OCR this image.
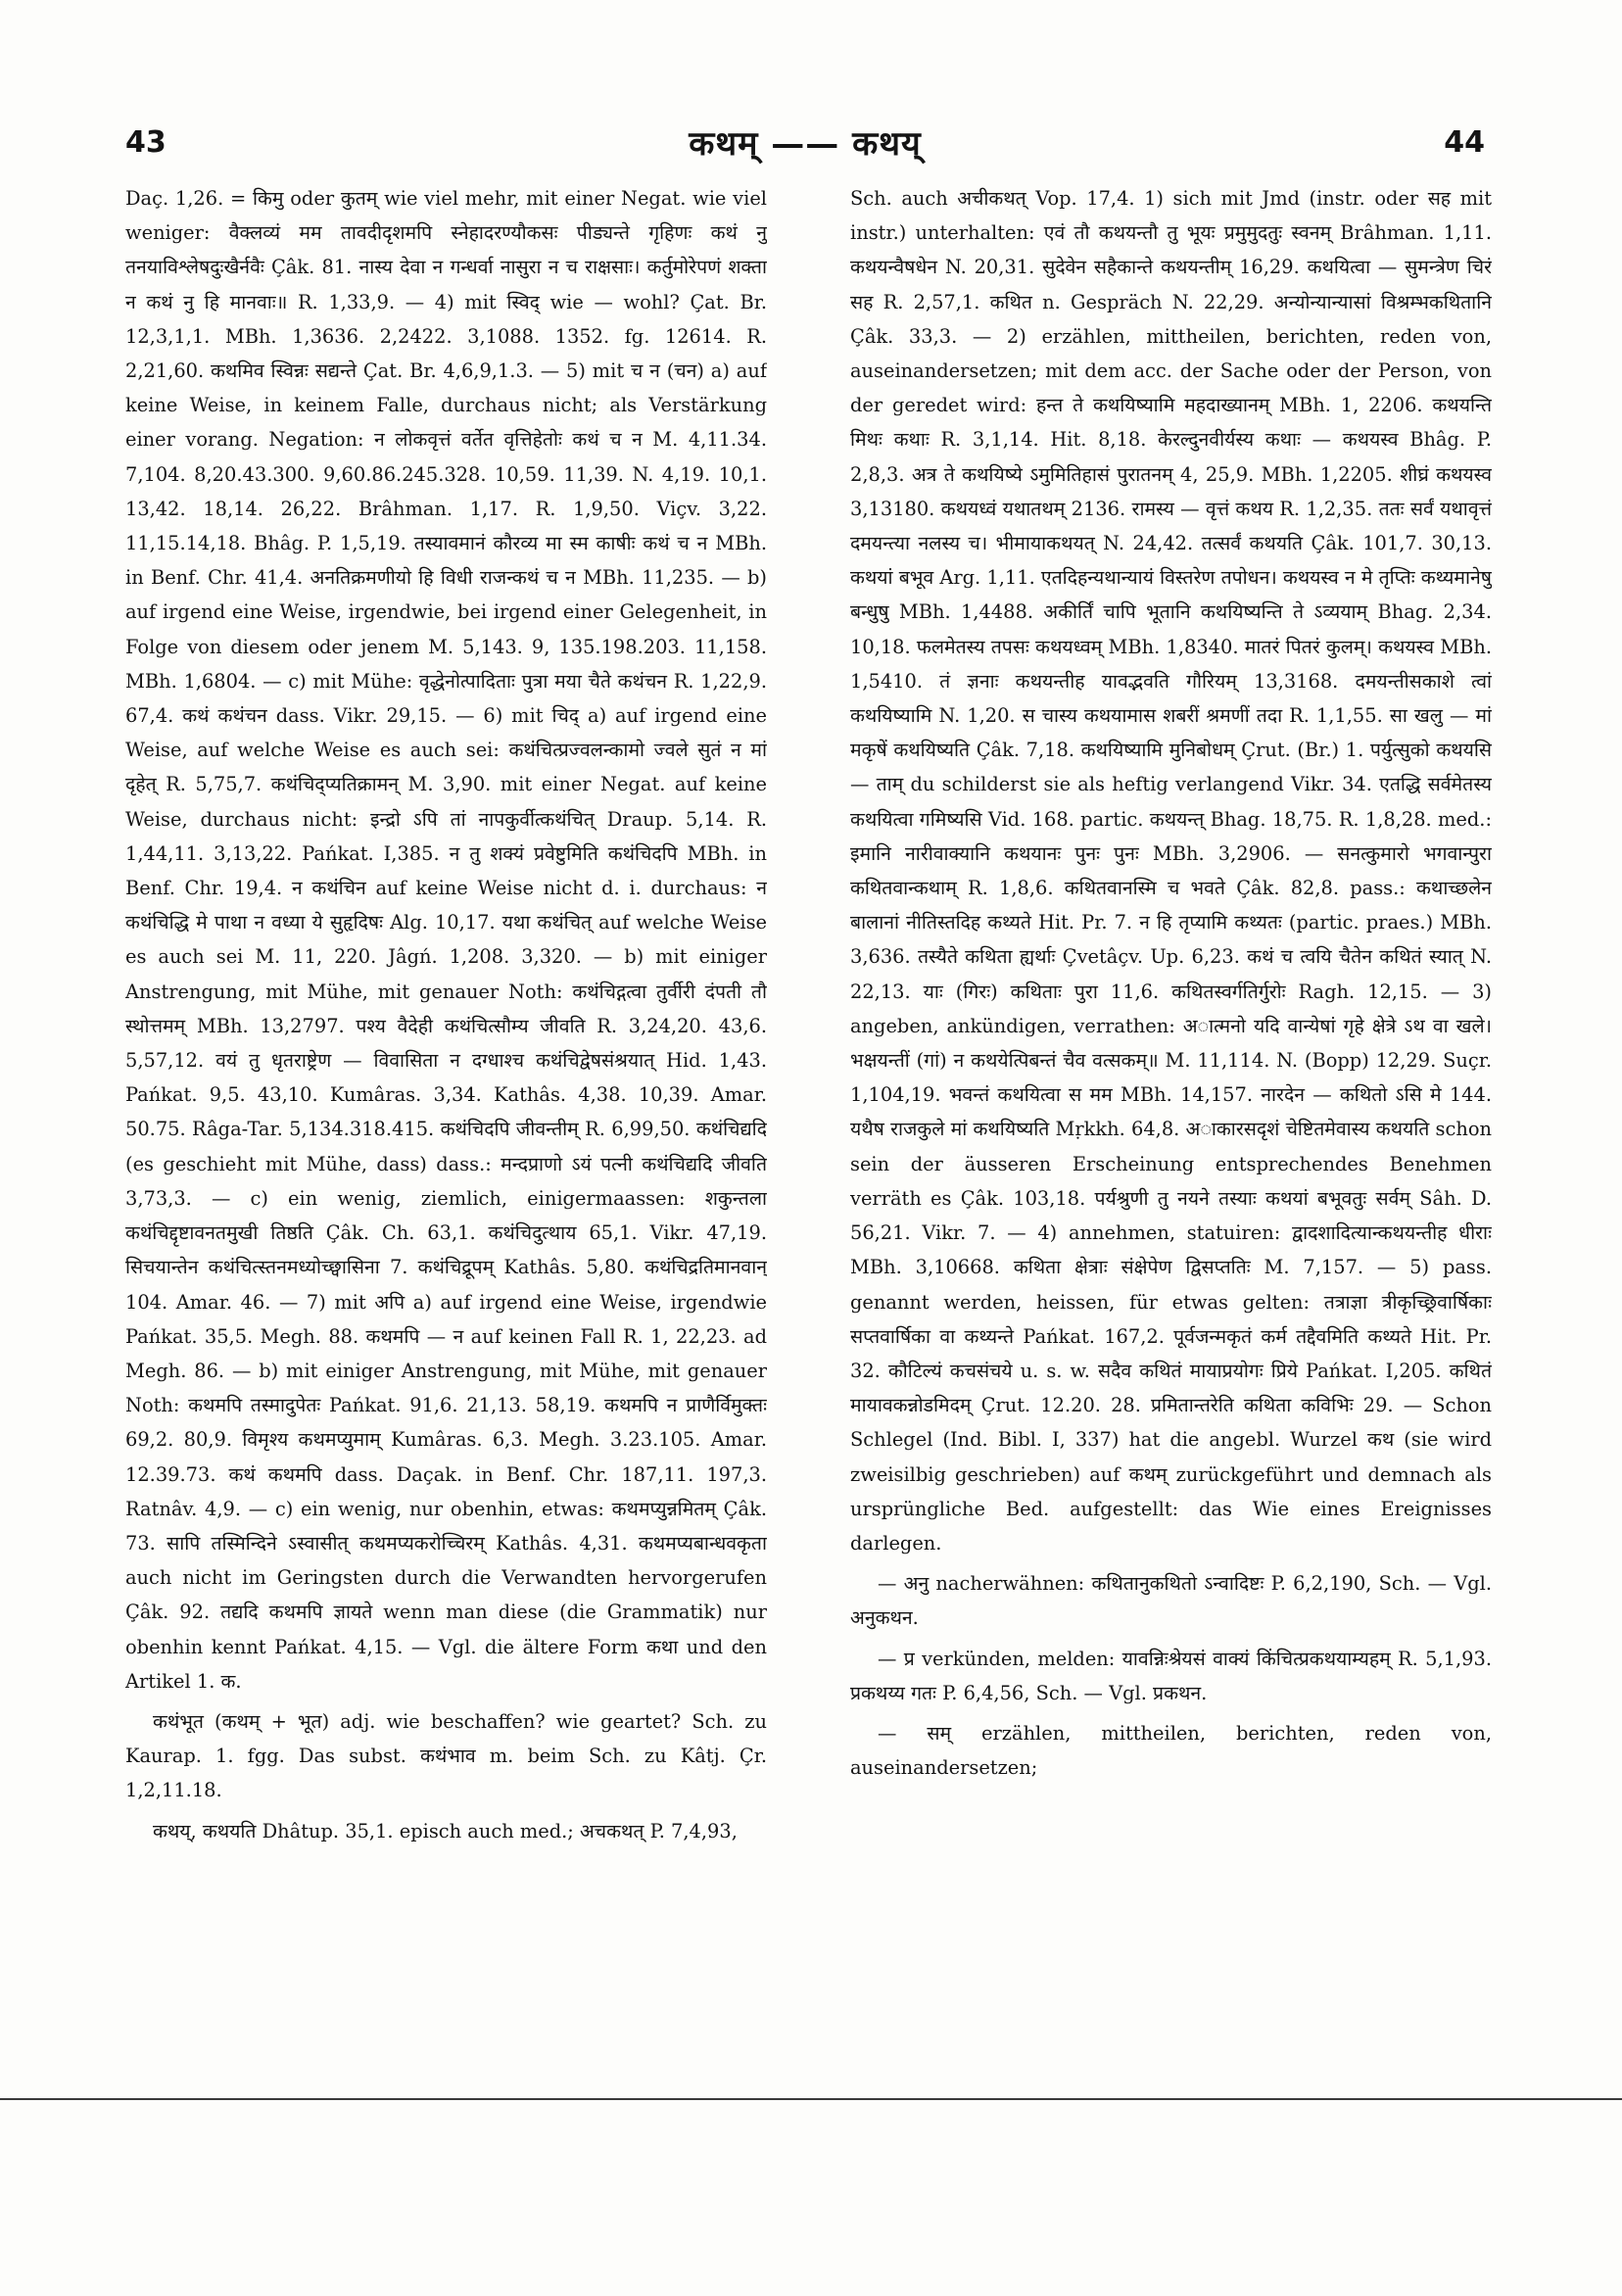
43	कथम् —— कथय्	44

Daç. 1,26. = किमु oder कुतम् wie viel mehr, mit einer Negat. wie viel weniger: वैक्लव्यं मम तावदीदृशमपि स्नेहादरण्यौकसः पीड्यन्ते गृहिणः कथं नु तनयाविश्लेषदुःखैर्नवैः Çâk. 81. नास्य देवा न गन्धर्वा नासुरा न च राक्षसाः। कर्तुमोरेपणं शक्ता न कथं नु हि मानवाः॥ R. 1,33,9. — 4) mit स्विद् wie — wohl? Çat. Br. 12,3,1,1. MBh. 1,3636. 2,2422. 3,1088. 1352. fg. 12614. R. 2,21,60. कथमिव स्विन्नः सद्यन्ते Çat. Br. 4,6,9,1.3. — 5) mit च न (चन) a) auf keine Weise, in keinem Falle, durchaus nicht; als Verstärkung einer vorang. Negation: न लोकवृत्तं वर्तेत वृत्तिहेतोः कथं च न M. 4,11.34. 7,104. 8,20.43.300. 9,60.86.245.328. 10,59. 11,39. N. 4,19. 10,1. 13,42. 18,14. 26,22. Brâhman. 1,17. R. 1,9,50. Viçv. 3,22. 11,15.14,18. Bhâg. P. 1,5,19. तस्यावमानं कौरव्य मा स्म काषीः कथं च न MBh. in Benf. Chr. 41,4. अनतिक्रमणीयो हि विधी राजन्कथं च न MBh. 11,235. — b) auf irgend eine Weise, irgendwie, bei irgend einer Gelegenheit, in Folge von diesem oder jenem M. 5,143. 9, 135.198.203. 11,158. MBh. 1,6804. — c) mit Mühe: वृद्धेनोत्पादिताः पुत्रा मया चैते कथंचन R. 1,22,9. 67,4. कथं कथंचन dass. Vikr. 29,15. — 6) mit चिद् a) auf irgend eine Weise, auf welche Weise es auch sei: कथंचित्प्रज्वलन्कामो ज्वले सुतं न मां दृहेत् R. 5,75,7. कथंचिद्प्यतिक्रामन् M. 3,90. mit einer Negat. auf keine Weise, durchaus nicht: इन्द्रो ऽपि तां नापकुर्वीत्कथंचित् Draup. 5,14. R. 1,44,11. 3,13,22. Pańkat. I,385. न तु शक्यं प्रवेष्टुमिति कथंचिदपि MBh. in Benf. Chr. 19,4. न कथंचिन auf keine Weise nicht d. i. durchaus: न कथंचिद्धि मे पाथा न वध्या ये सुहृदिषः Alg. 10,17. यथा कथंचित् auf welche Weise es auch sei M. 11, 220. Jâgń. 1,208. 3,320. — b) mit einiger Anstrengung, mit Mühe, mit genauer Noth: कथंचिद्गत्वा तुर्वीरी दंपती तौ स्थोत्तमम् MBh. 13,2797. पश्य वैदेही कथंचित्सौम्य जीवति R. 3,24,20. 43,6. 5,57,12. वयं तु धृतराष्ट्रेण — विवासिता न दग्धाश्च कथंचिद्वेषसंश्रयात् Hid. 1,43. Pańkat. 9,5. 43,10. Kumâras. 3,34. Kathâs. 4,38. 10,39. Amar. 50.75. Râga-Tar. 5,134.318.415. कथंचिदपि जीवन्तीम् R. 6,99,50. कथंचिद्यदि (es geschieht mit Mühe, dass) dass.: मन्दप्राणो ऽयं पत्नी कथंचिद्यदि जीवति 3,73,3. — c) ein wenig, ziemlich, einigermaassen: शकुन्तला कथंचिद्दृष्टावनतमुखी तिष्ठति Çâk. Ch. 63,1. कथंचिदुत्थाय 65,1. Vikr. 47,19. सिचयान्तेन कथंचित्स्तनमध्योच्छ्वासिना 7. कथंचिद्रूपम् Kathâs. 5,80. कथंचिद्रतिमानवान् 104. Amar. 46. — 7) mit अपि a) auf irgend eine Weise, irgendwie Pańkat. 35,5. Megh. 88. कथमपि — न auf keinen Fall R. 1, 22,23. ad Megh. 86. — b) mit einiger Anstrengung, mit Mühe, mit genauer Noth: कथमपि तस्मादुपेतः Pańkat. 91,6. 21,13. 58,19. कथमपि न प्राणैर्विमुक्तः 69,2. 80,9. विमृश्य कथमप्युमाम् Kumâras. 6,3. Megh. 3.23.105. Amar. 12.39.73. कथं कथमपि dass. Daçak. in Benf. Chr. 187,11. 197,3. Ratnâv. 4,9. — c) ein wenig, nur obenhin, etwas: कथमप्युन्नमितम् Çâk. 73. सापि तस्मिन्दिने ऽस्वासीत् कथमप्यकरोच्चिरम् Kathâs. 4,31. कथमप्यबान्धवकृता auch nicht im Geringsten durch die Verwandten hervorgerufen Çâk. 92. तद्यदि कथमपि ज्ञायते wenn man diese (die Grammatik) nur obenhin kennt Pańkat. 4,15. — Vgl. die ältere Form कथा und den Artikel 1. क.

कथंभूत (कथम् + भूत) adj. wie beschaffen? wie geartet? Sch. zu Kaurap. 1. fgg. Das subst. कथंभाव m. beim Sch. zu Kâtj. Çr. 1,2,11.18.

कथय्, कथयति Dhâtup. 35,1. episch auch med.; अचकथत् P. 7,4,93,

Sch. auch अचीकथत् Vop. 17,4. 1) sich mit Jmd (instr. oder सह mit instr.) unterhalten: एवं तौ कथयन्तौ तु भूयः प्रमुमुदतुः स्वनम् Brâhman. 1,11. कथयन्वैषधेन N. 20,31. सुदेवेन सहैकान्ते कथयन्तीम् 16,29. कथयित्वा — सुमन्त्रेण चिरं सह R. 2,57,1. कथित n. Gespräch N. 22,29. अन्योन्यान्यासां विश्रम्भकथितानि Çâk. 33,3. — 2) erzählen, mittheilen, berichten, reden von, auseinandersetzen; mit dem acc. der Sache oder der Person, von der geredet wird: हन्त ते कथयिष्यामि महदाख्यानम् MBh. 1, 2206. कथयन्ति मिथः कथाः R. 3,1,14. Hit. 8,18. केरल्दुनवीर्यस्य कथाः — कथयस्व Bhâg. P. 2,8,3. अत्र ते कथयिष्ये ऽमुमितिहासं पुरातनम् 4, 25,9. MBh. 1,2205. शीघ्रं कथयस्व 3,13180. कथयध्वं यथातथम् 2136. रामस्य — वृत्तं कथय R. 1,2,35. ततः सर्वं यथावृत्तं दमयन्त्या नलस्य च। भीमायाकथयत् N. 24,42. तत्सर्वं कथयति Çâk. 101,7. 30,13. कथयां बभूव Arg. 1,11. एतदिहन्यथान्यायं विस्तरेण तपोधन। कथयस्व न मे तृप्तिः कथ्यमानेषु बन्धुषु MBh. 1,4488. अकीर्तिं चापि भूतानि कथयिष्यन्ति ते ऽव्ययाम् Bhag. 2,34. 10,18. फलमेतस्य तपसः कथयध्वम् MBh. 1,8340. मातरं पितरं कुलम्। कथयस्व MBh. 1,5410. तं ज्ञनाः कथयन्तीह यावद्भवति गौरियम् 13,3168. दमयन्तीसकाशे त्वां कथयिष्यामि N. 1,20. स चास्य कथयामास शबरीं श्रमणीं तदा R. 1,1,55. सा खलु — मां मकृषें कथयिष्यति Çâk. 7,18. कथयिष्यामि मुनिबोधम् Çrut. (Br.) 1. पर्युत्सुको कथयसि — ताम् du schilderst sie als heftig verlangend Vikr. 34. एतद्धि सर्वमेतस्य कथयित्वा गमिष्यसि Vid. 168. partic. कथयन्त् Bhag. 18,75. R. 1,8,28. med.: इमानि नारीवाक्यानि कथयानः पुनः पुनः MBh. 3,2906. — सनत्कुमारो भगवान्पुरा कथितवान्कथाम् R. 1,8,6. कथितवानस्मि च भवते Çâk. 82,8. pass.: कथाच्छलेन बालानां नीतिस्तदिह कथ्यते Hit. Pr. 7. न हि तृप्यामि कथ्यतः (partic. praes.) MBh. 3,636. तस्यैते कथिता ह्यर्थाः Çvetâçv. Up. 6,23. कथं च त्वयि चैतेन कथितं स्यात् N. 22,13. याः (गिरः) कथिताः पुरा 11,6. कथितस्वर्गतिर्गुरोः Ragh. 12,15. — 3) angeben, ankündigen, verrathen: अात्मनो यदि वान्येषां गृहे क्षेत्रे ऽथ वा खले। भक्षयन्तीं (गां) न कथयेत्पिबन्तं चैव वत्सकम्॥ M. 11,114. N. (Bopp) 12,29. Suçr. 1,104,19. भवन्तं कथयित्वा स मम MBh. 14,157. नारदेन — कथितो ऽसि मे 144. यथैष राजकुले मां कथयिष्यति Mṛkkh. 64,8. अाकारसदृशं चेष्टितमेवास्य कथयति schon sein der äusseren Erscheinung entsprechendes Benehmen verräth es Çâk. 103,18. पर्यश्रुणी तु नयने तस्याः कथयां बभूवतुः सर्वम् Sâh. D. 56,21. Vikr. 7. — 4) annehmen, statuiren: द्वादशादित्यान्कथयन्तीह धीराः MBh. 3,10668. कथिता क्षेत्राः संक्षेपेण द्विसप्ततिः M. 7,157. — 5) pass. genannt werden, heissen, für etwas gelten: तत्राज्ञा त्रीकृच्छ्रिवार्षिकाः सप्तवार्षिका वा कथ्यन्ते Pańkat. 167,2. पूर्वजन्मकृतं कर्म तद्दैवमिति कथ्यते Hit. Pr. 32. कौटिल्यं कचसंचये u. s. w. सदैव कथितं मायाप्रयोगः प्रिये Pańkat. I,205. कथितं मायावकन्नोडमिदम् Çrut. 12.20. 28. प्रमितान्तरेति कथिता कविभिः 29. — Schon Schlegel (Ind. Bibl. I, 337) hat die angebl. Wurzel कथ (sie wird zweisilbig geschrieben) auf कथम् zurückgeführt und demnach als ursprüngliche Bed. aufgestellt: das Wie eines Ereignisses darlegen.

— अनु nacherwähnen: कथितानुकथितो ऽन्वादिष्टः P. 6,2,190, Sch. — Vgl. अनुकथन.

— प्र verkünden, melden: यावन्निःश्रेयसं वाक्यं किंचित्प्रकथयाम्यहम् R. 5,1,93. प्रकथय्य गतः P. 6,4,56, Sch. — Vgl. प्रकथन.

— सम् erzählen, mittheilen, berichten, reden von, auseinandersetzen;
